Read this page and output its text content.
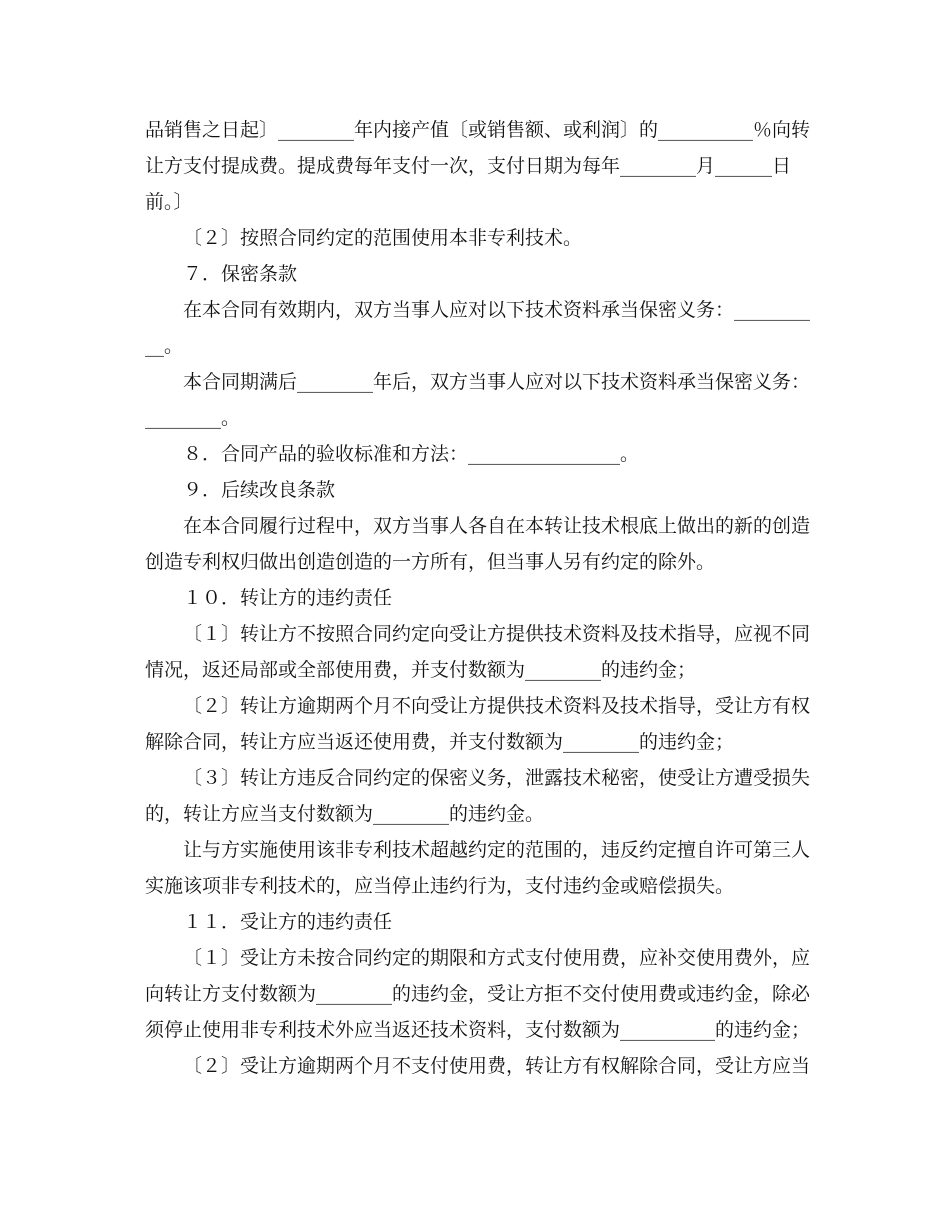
品销售之日起〕________年内接产值〔或销售额、或利润〕的__________％向转
让方支付提成费。提成费每年支付一次，支付日期为每年________月______日
前。〕
〔２〕按照合同约定的范围使用本非专利技术。
７．保密条款
在本合同有效期内，双方当事人应对以下技术资料承当保密义务：________
__。
本合同期满后________年后，双方当事人应对以下技术资料承当保密义务：
________。
８．合同产品的验收标准和方法：________________。
９．后续改良条款
在本合同履行过程中，双方当事人各自在本转让技术根底上做出的新的创造
创造专利权归做出创造创造的一方所有，但当事人另有约定的除外。
１０．转让方的违约责任
〔１〕转让方不按照合同约定向受让方提供技术资料及技术指导，应视不同
情况，返还局部或全部使用费，并支付数额为________的违约金；
〔２〕转让方逾期两个月不向受让方提供技术资料及技术指导，受让方有权
解除合同，转让方应当返还使用费，并支付数额为________的违约金；
〔３〕转让方违反合同约定的保密义务，泄露技术秘密，使受让方遭受损失
的，转让方应当支付数额为________的违约金。
让与方实施使用该非专利技术超越约定的范围的，违反约定擅自许可第三人
实施该项非专利技术的，应当停止违约行为，支付违约金或赔偿损失。
１１．受让方的违约责任
〔１〕受让方未按合同约定的期限和方式支付使用费，应补交使用费外，应
向转让方支付数额为________的违约金，受让方拒不交付使用费或违约金，除必
须停止使用非专利技术外应当返还技术资料，支付数额为__________的违约金；
〔２〕受让方逾期两个月不支付使用费，转让方有权解除合同，受让方应当
